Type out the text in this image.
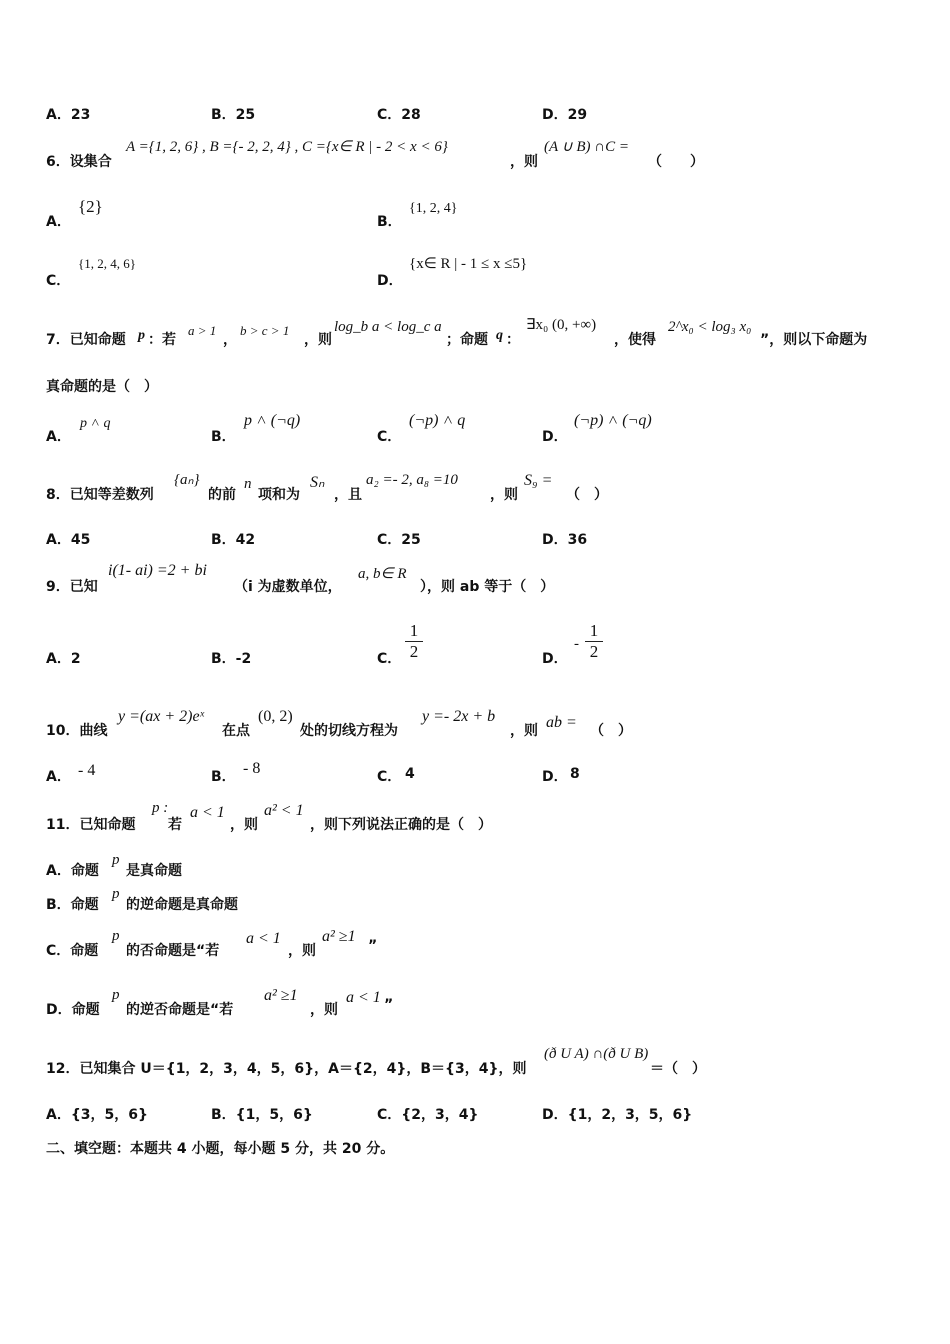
A．23	B．25	C．28	D．29
6．设集合
A ={1, 2, 6} , B ={- 2, 2, 4} , C ={x∈ R | - 2 < x < 6}
，则
(A ∪ B) ∩C =
（　　）
A．
{2}
B．
{1, 2, 4}
C．
{1, 2, 4, 6}
D．
{x∈ R | - 1 ≤ x ≤5}
7．已知命题 p ：若
a > 1
，
b > c > 1
，则
log_b a < log_c a
；命题 q ：
∃x₀ (0, +∞)
，使得
2^x₀ < log₃ x₀
”，则以下命题为
真命题的是（　）
A．
p ˄ q
B．
p ˄ (¬q)
C．
(¬p) ˄ q
D．
(¬p) ˄ (¬q)
8．已知等差数列
{aₙ}
的前
n
项和为
Sₙ
，且
a₂ =- 2, a₈ =10
，则
S₉ =
（　）
A．45	B．42	C．25	D．36
9．已知
i(1- ai) =2 + bi
（i 为虚数单位，
a, b∈ R
），则 ab 等于（　）
A．2	B．-2	C．
1
2	D．
-
1
2
10．曲线
y =(ax + 2)eˣ
在点
(0, 2)
处的切线方程为
y =- 2x + b
，则 ab = （　）
A． - 4	B． - 8	C． 4	D． 8
11．已知命题
p :
若
a < 1
，则
a² < 1
，则下列说法正确的是（　）
A．命题
p
是真命题
B．命题
p
的逆命题是真命题
C．命题
p
的否命题是“若
a < 1
，则
a² ≥1
”
D．命题
p
的逆否命题是“若
a² ≥1
，则
a < 1 ”
12．已知集合 U＝{1，2，3，4，5，6}，A＝{2，4}，B＝{3，4}，则
(ð U A) ∩(ð U B)
＝（　）
A．{3，5，6}	B．{1，5，6}	C．{2，3，4}	D．{1，2，3，5，6}
二、填空题：本题共 4 小题，每小题 5 分，共 20 分。
